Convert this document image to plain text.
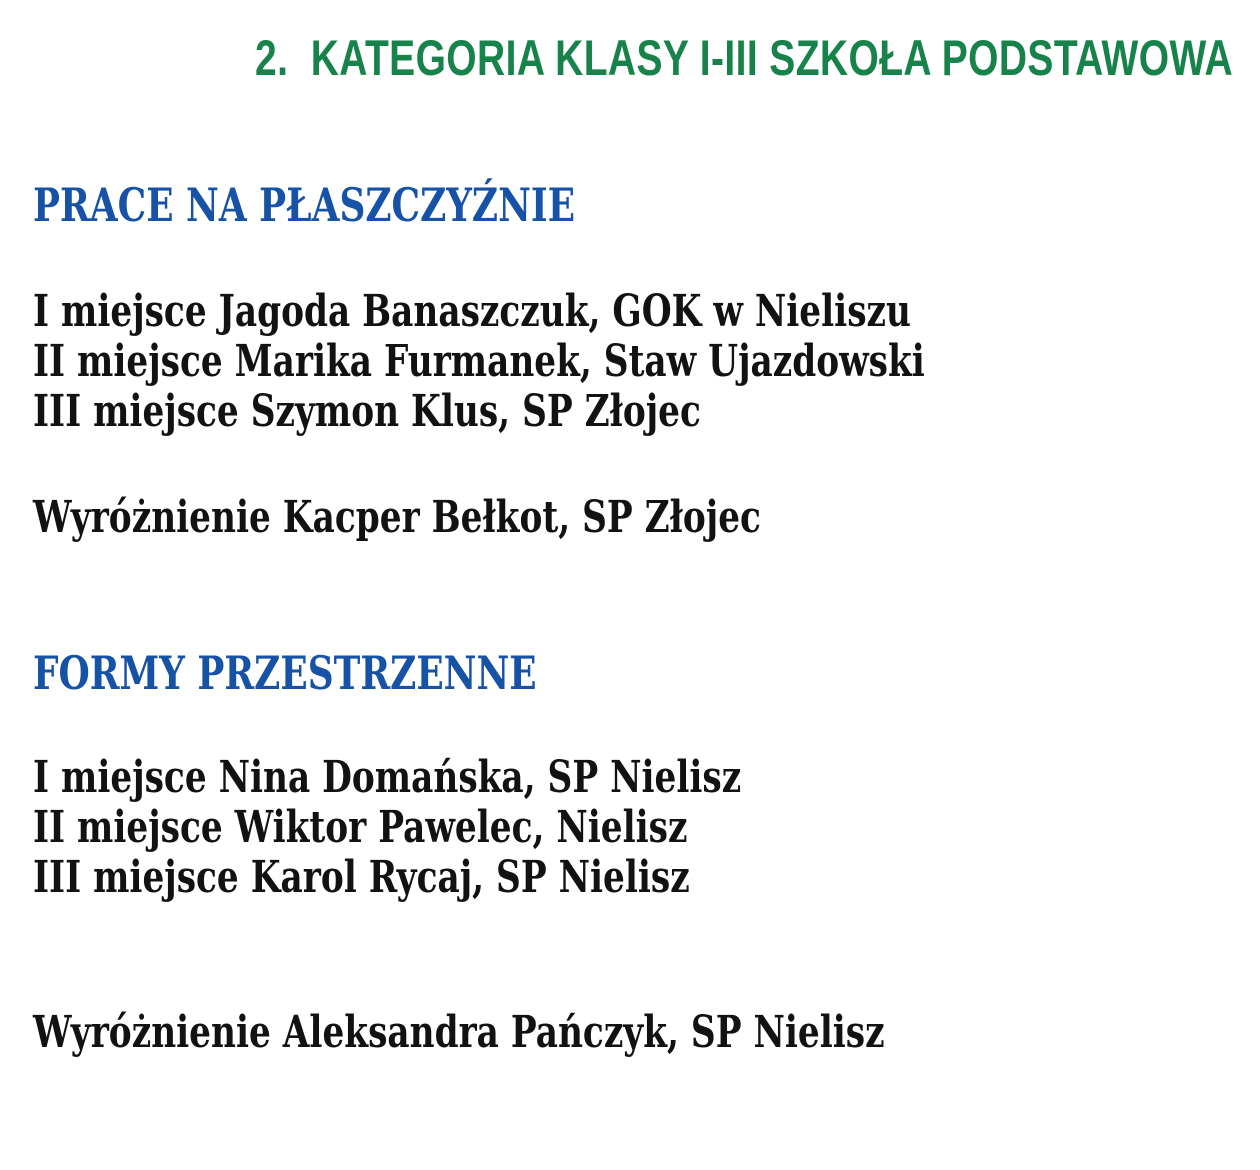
2.  KATEGORIA KLASY I-III SZKOŁA PODSTAWOWA
PRACE NA PŁASZCZYŹNIE

I miejsce Jagoda Banaszczuk, GOK w Nieliszu

II miejsce Marika Furmanek, Staw Ujazdowski

III miejsce Szymon Klus, SP Złojec

Wyróżnienie Kacper Bełkot, SP Złojec

FORMY PRZESTRZENNE

I miejsce Nina Domańska, SP Nielisz

II miejsce Wiktor Pawelec, Nielisz

III miejsce Karol Rycaj, SP Nielisz

Wyróżnienie Aleksandra Pańczyk, SP Nielisz
